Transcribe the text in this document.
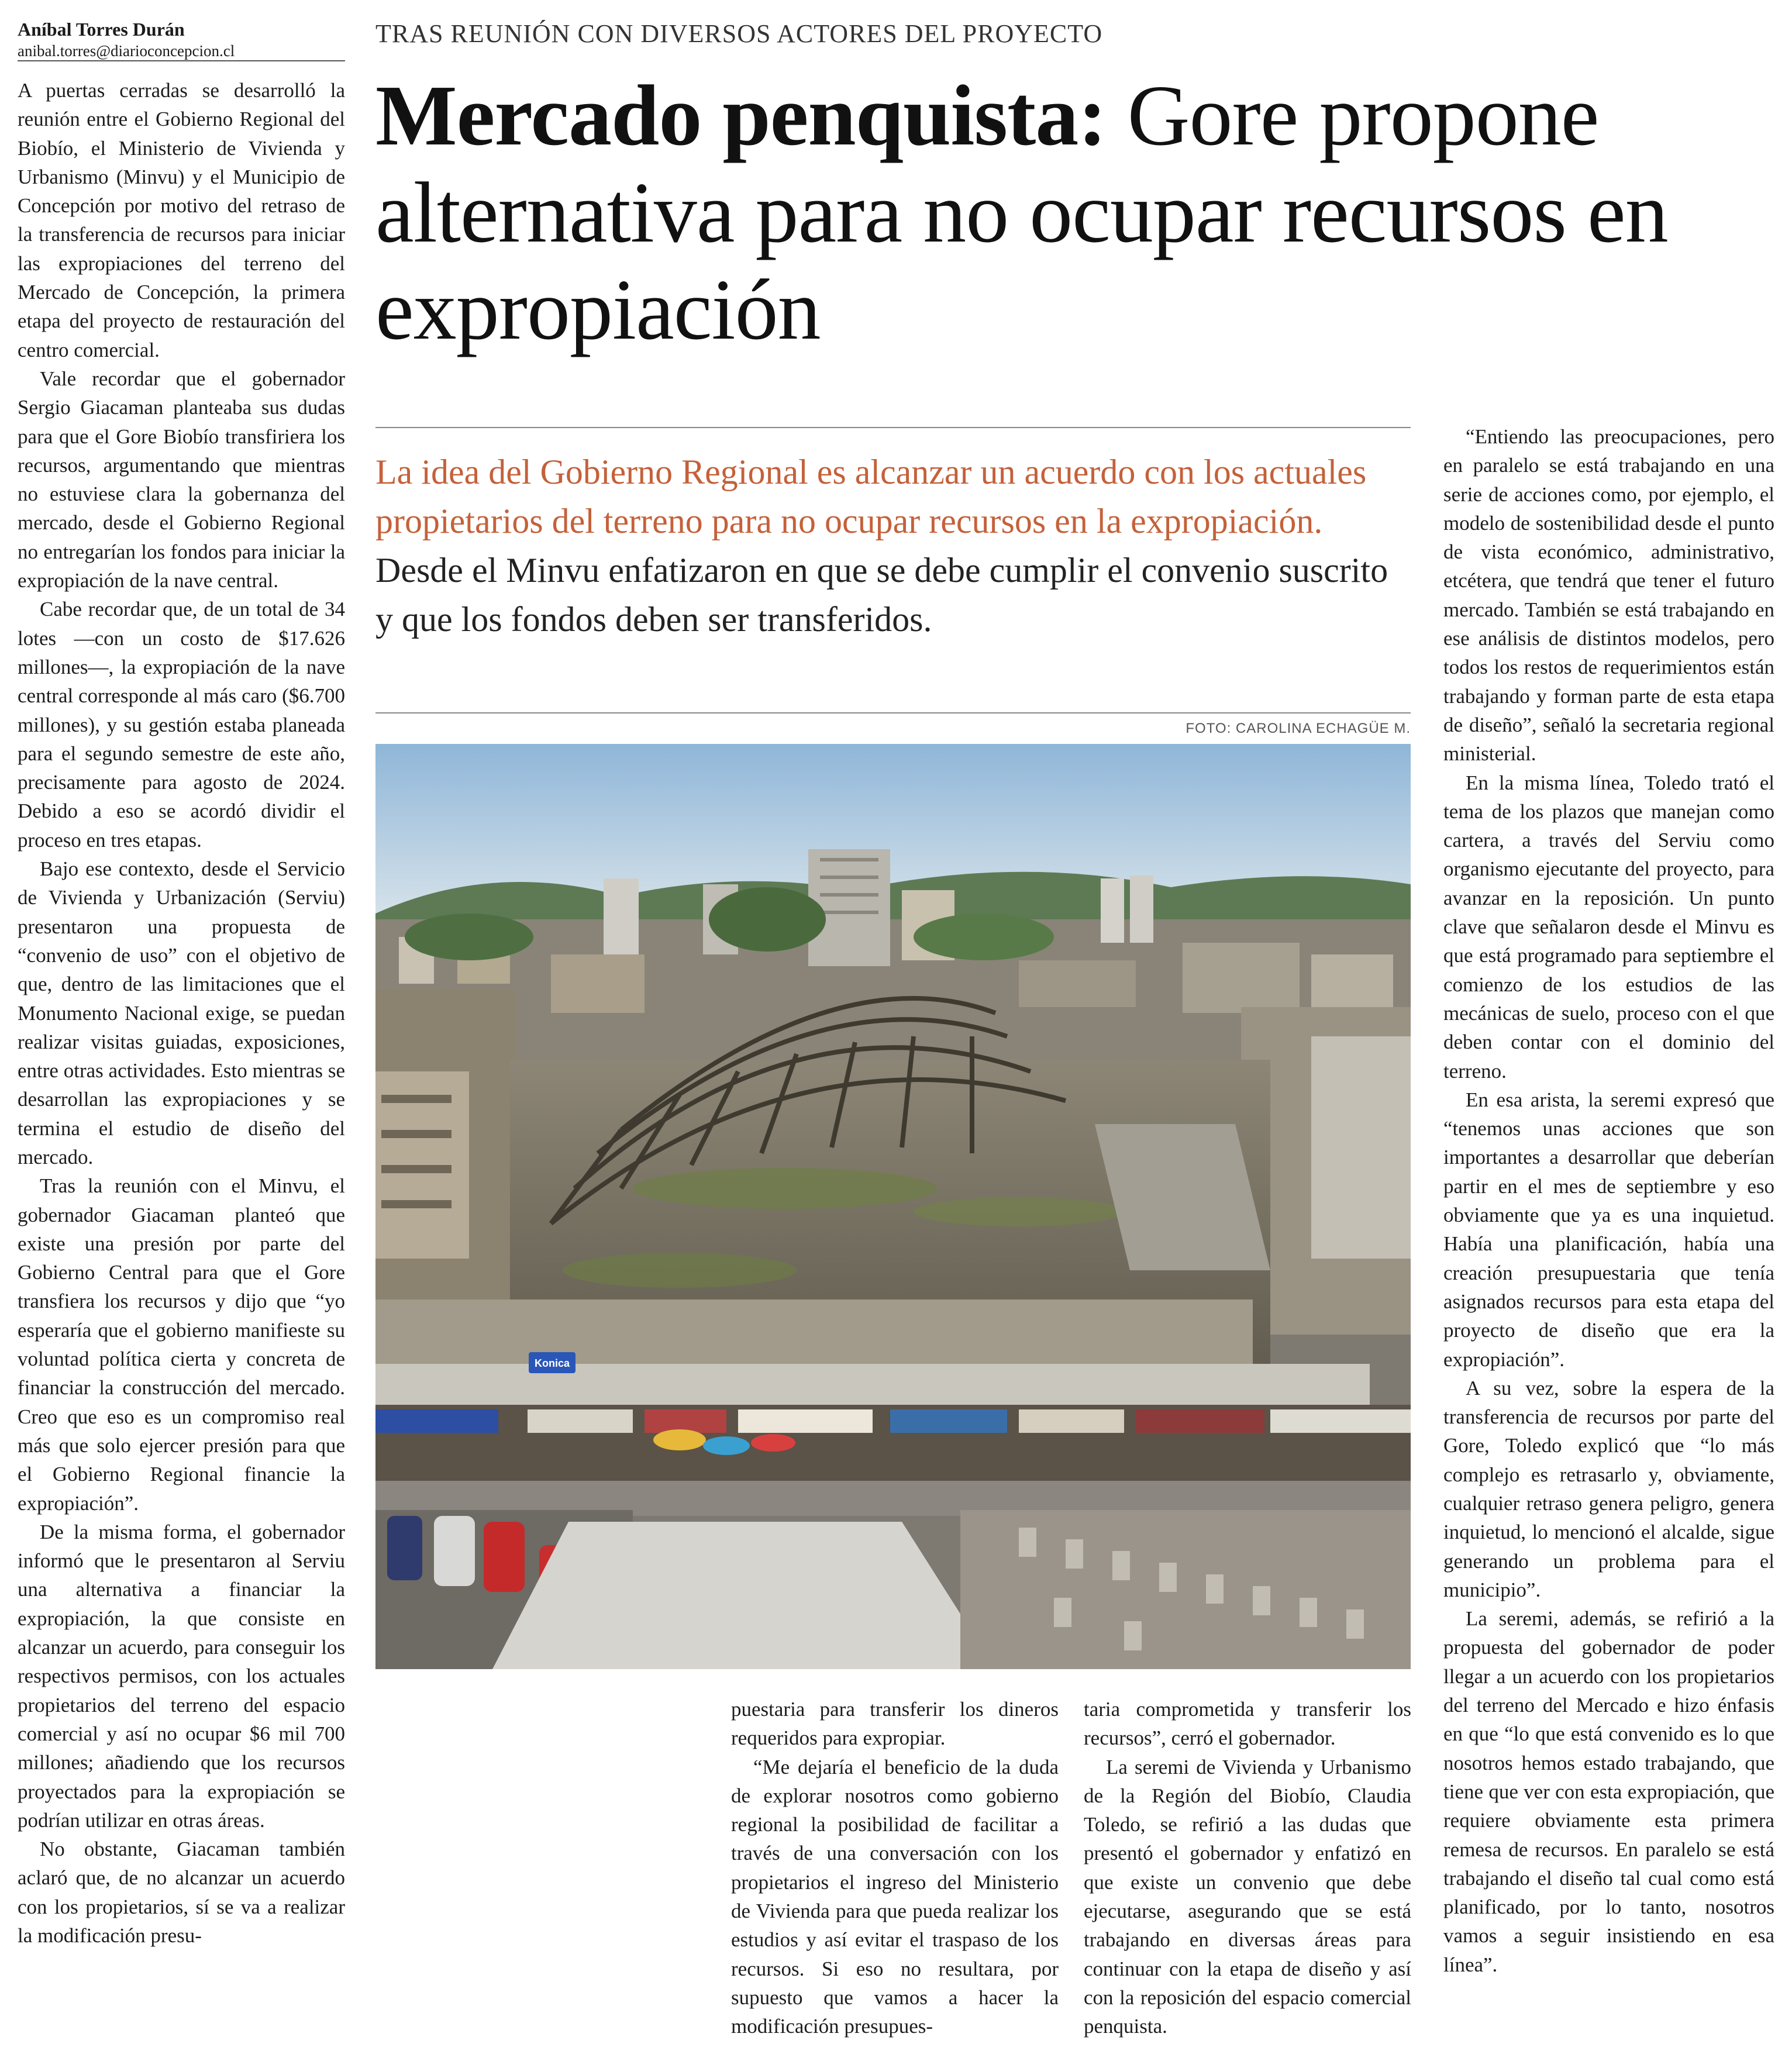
Aníbal Torres Durán
anibal.torres@diarioconcepcion.cl

A puertas cerradas se desarrolló la reunión entre el Gobierno Regional del Biobío, el Ministerio de Vivienda y Urbanismo (Minvu) y el Municipio de Concepción por motivo del retraso de la transferencia de recursos para iniciar las expropiaciones del terreno del Mercado de Concepción, la primera etapa del proyecto de restauración del centro comercial.

Vale recordar que el gobernador Sergio Giacaman planteaba sus dudas para que el Gore Biobío transfiriera los recursos, argumentando que mientras no estuviese clara la gobernanza del mercado, desde el Gobierno Regional no entregarían los fondos para iniciar la expropiación de la nave central.

Cabe recordar que, de un total de 34 lotes —con un costo de $17.626 millones—, la expropiación de la nave central corresponde al más caro ($6.700 millones), y su gestión estaba planeada para el segundo semestre de este año, precisamente para agosto de 2024. Debido a eso se acordó dividir el proceso en tres etapas.

Bajo ese contexto, desde el Servicio de Vivienda y Urbanización (Serviu) presentaron una propuesta de “convenio de uso” con el objetivo de que, dentro de las limitaciones que el Monumento Nacional exige, se puedan realizar visitas guiadas, exposiciones, entre otras actividades. Esto mientras se desarrollan las expropiaciones y se termina el estudio de diseño del mercado.

Tras la reunión con el Minvu, el gobernador Giacaman planteó que existe una presión por parte del Gobierno Central para que el Gore transfiera los recursos y dijo que “yo esperaría que el gobierno manifieste su voluntad política cierta y concreta de financiar la construcción del mercado. Creo que eso es un compromiso real más que solo ejercer presión para que el Gobierno Regional financie la expropiación”.

De la misma forma, el gobernador informó que le presentaron al Serviu una alternativa a financiar la expropiación, la que consiste en alcanzar un acuerdo, para conseguir los respectivos permisos, con los actuales propietarios del terreno del espacio comercial y así no ocupar $6 mil 700 millones; añadiendo que los recursos proyectados para la expropiación se podrían utilizar en otras áreas.

No obstante, Giacaman también aclaró que, de no alcanzar un acuerdo con los propietarios, sí se va a realizar la modificación presu-

TRAS REUNIÓN CON DIVERSOS ACTORES DEL PROYECTO
Mercado penquista: Gore propone alternativa para no ocupar recursos en expropiación
La idea del Gobierno Regional es alcanzar un acuerdo con los actuales propietarios del terreno para no ocupar recursos en la expropiación. Desde el Minvu enfatizaron en que se debe cumplir el convenio suscrito y que los fondos deben ser transferidos.
FOTO: CAROLINA ECHAGÜE M.
Konica

puestaria para transferir los dineros requeridos para expropiar.

“Me dejaría el beneficio de la duda de explorar nosotros como gobierno regional la posibilidad de facilitar a través de una conversación con los propietarios el ingreso del Ministerio de Vivienda para que pueda realizar los estudios y así evitar el traspaso de los recursos. Si eso no resultara, por supuesto que vamos a hacer la modificación presupues-

taria comprometida y transferir los recursos”, cerró el gobernador.

La seremi de Vivienda y Urbanismo de la Región del Biobío, Claudia Toledo, se refirió a las dudas que presentó el gobernador y enfatizó en que existe un convenio que debe ejecutarse, asegurando que se está trabajando en diversas áreas para continuar con la etapa de diseño y así con la reposición del espacio comercial penquista.

“Entiendo las preocupaciones, pero en paralelo se está trabajando en una serie de acciones como, por ejemplo, el modelo de sostenibilidad desde el punto de vista económico, administrativo, etcétera, que tendrá que tener el futuro mercado. También se está trabajando en ese análisis de distintos modelos, pero todos los restos de requerimientos están trabajando y forman parte de esta etapa de diseño”, señaló la secretaria regional ministerial.

En la misma línea, Toledo trató el tema de los plazos que manejan como cartera, a través del Serviu como organismo ejecutante del proyecto, para avanzar en la reposición. Un punto clave que señalaron desde el Minvu es que está programado para septiembre el comienzo de los estudios de las mecánicas de suelo, proceso con el que deben contar con el dominio del terreno.

En esa arista, la seremi expresó que “tenemos unas acciones que son importantes a desarrollar que deberían partir en el mes de septiembre y eso obviamente que ya es una inquietud. Había una planificación, había una creación presupuestaria que tenía asignados recursos para esta etapa del proyecto de diseño que era la expropiación”.

A su vez, sobre la espera de la transferencia de recursos por parte del Gore, Toledo explicó que “lo más complejo es retrasarlo y, obviamente, cualquier retraso genera peligro, genera inquietud, lo mencionó el alcalde, sigue generando un problema para el municipio”.

La seremi, además, se refirió a la propuesta del gobernador de poder llegar a un acuerdo con los propietarios del terreno del Mercado e hizo énfasis en que “lo que está convenido es lo que nosotros hemos estado trabajando, que tiene que ver con esta expropiación, que requiere obviamente esta primera remesa de recursos. En paralelo se está trabajando el diseño tal cual como está planificado, por lo tanto, nosotros vamos a seguir insistiendo en esa línea”.
